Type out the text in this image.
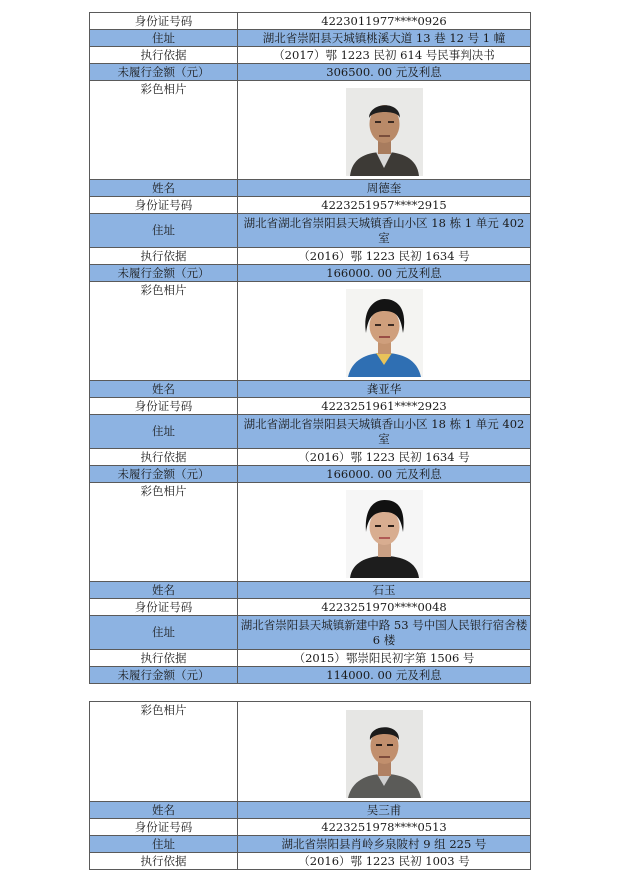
身份证号码	4223011977****0926
住址	湖北省崇阳县天城镇桃溪大道 13 巷 12 号 1 幢
执行依据	（2017）鄂 1223 民初 614 号民事判决书
未履行金额（元）	306500. 00 元及利息
彩色相片	

姓名	周德奎
身份证号码	4223251957****2915
住址	湖北省湖北省崇阳县天城镇香山小区 18 栋 1 单元 402 室
执行依据	（2016）鄂 1223 民初 1634 号
未履行金额（元）	166000. 00 元及利息
彩色相片	

姓名	龚亚华
身份证号码	4223251961****2923
住址	湖北省湖北省崇阳县天城镇香山小区 18 栋 1 单元 402 室
执行依据	（2016）鄂 1223 民初 1634 号
未履行金额（元）	166000. 00 元及利息
彩色相片	

姓名	石玉
身份证号码	4223251970****0048
住址	湖北省崇阳县天城镇新建中路 53 号中国人民银行宿舍楼 6 楼
执行依据	（2015）鄂崇阳民初字第 1506 号
未履行金额（元）	114000. 00 元及利息
彩色相片	

姓名	吴三甫
身份证号码	4223251978****0513
住址	湖北省崇阳县肖岭乡泉陂村 9 组 225 号
执行依据	（2016）鄂 1223 民初 1003 号
